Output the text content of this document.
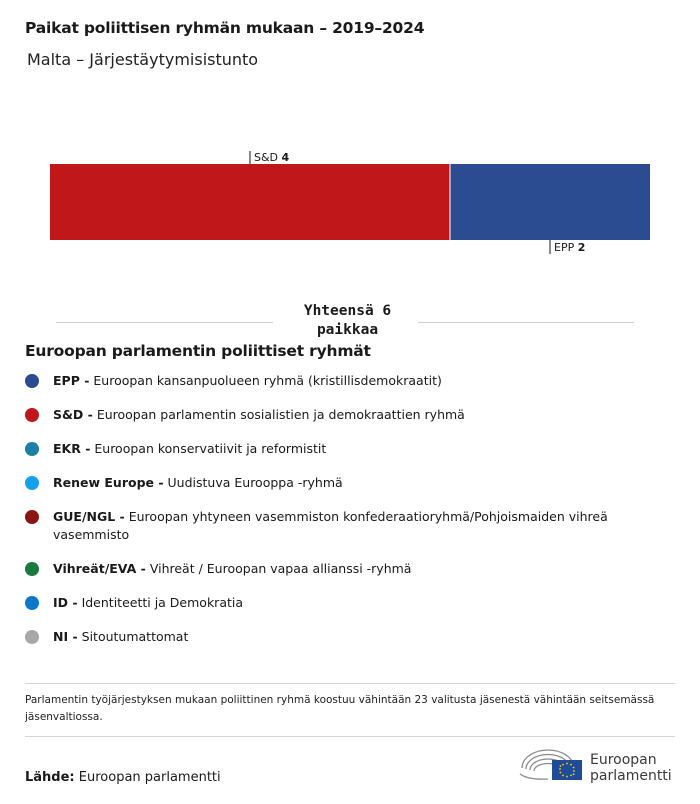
Paikat poliittisen ryhmän mukaan – 2019–2024
Malta – Järjestäytymisistunto
S&D 4
EPP 2
Yhteensä 6
paikkaa
Euroopan parlamentin poliittiset ryhmät
EPP - Euroopan kansanpuolueen ryhmä (kristillisdemokraatit)
S&D - Euroopan parlamentin sosialistien ja demokraattien ryhmä
EKR - Euroopan konservatiivit ja reformistit
Renew Europe - Uudistuva Eurooppa -ryhmä
GUE/NGL - Euroopan yhtyneen vasemmiston konfederaatioryhmä/Pohjoismaiden vihreä vasemmisto
Vihreät/EVA - Vihreät / Euroopan vapaa allianssi -ryhmä
ID - Identiteetti ja Demokratia
NI - Sitoutumattomat
Parlamentin työjärjestyksen mukaan poliittinen ryhmä koostuu vähintään 23 valitusta jäsenestä vähintään seitsemässä jäsenvaltiossa.
Lähde: Euroopan parlamentti
Euroopan
parlamentti
